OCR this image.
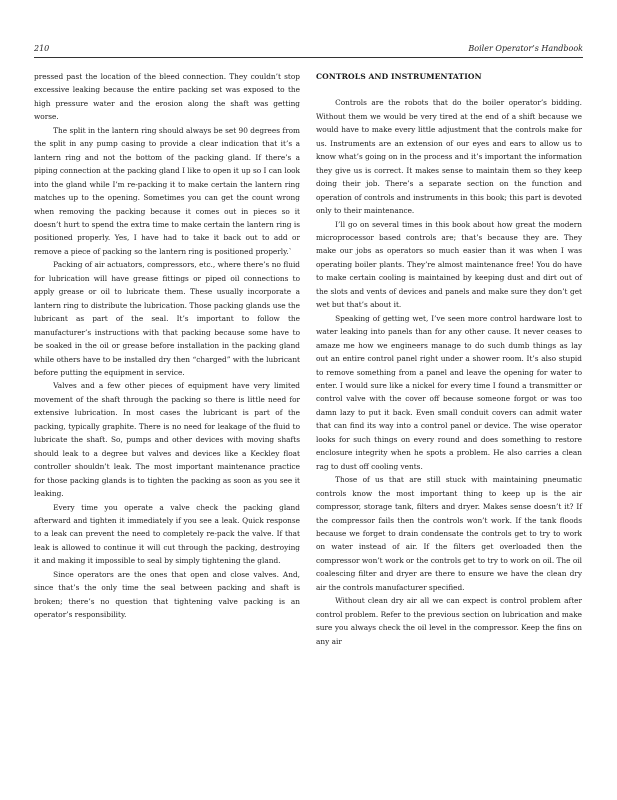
210	Boiler Operator’s Handbook

pressed past the location of the bleed connection. They couldn’t stop excessive leaking because the entire packing set was exposed to the high pressure water and the erosion along the shaft was getting worse.

The split in the lantern ring should always be set 90 degrees from the split in any pump casing to provide a clear indication that it’s a lantern ring and not the bottom of the packing gland. If there’s a piping connection at the packing gland I like to open it up so I can look into the gland while I’m re-packing it to make certain the lantern ring matches up to the opening. Sometimes you can get the count wrong when removing the packing because it comes out in pieces so it doesn’t hurt to spend the extra time to make certain the lantern ring is positioned properly. Yes, I have had to take it back out to add or remove a piece of packing so the lantern ring is positioned properly.`

Packing of air actuators, compressors, etc., where there’s no fluid for lubrication will have grease fittings or piped oil connections to apply grease or oil to lubricate them. These usually incorporate a lantern ring to distribute the lubrication. Those packing glands use the lubricant as part of the seal. It’s important to follow the manufacturer’s instructions with that packing because some have to be soaked in the oil or grease before installation in the packing gland while others have to be installed dry then “charged” with the lubricant before putting the equipment in service.

Valves and a few other pieces of equipment have very limited movement of the shaft through the packing so there is little need for extensive lubrication. In most cases the lubricant is part of the packing, typically graphite. There is no need for leakage of the fluid to lubricate the shaft. So, pumps and other devices with moving shafts should leak to a degree but valves and devices like a Keckley float controller shouldn’t leak. The most important maintenance practice for those packing glands is to tighten the packing as soon as you see it leaking.

Every time you operate a valve check the packing gland afterward and tighten it immediately if you see a leak. Quick response to a leak can prevent the need to completely re-pack the valve. If that leak is allowed to continue it will cut through the packing, destroying it and making it impossible to seal by simply tightening the gland.

Since operators are the ones that open and close valves. And, since that’s the only time the seal between packing and shaft is broken; there’s no question that tightening valve packing is an operator’s responsibility.

CONTROLS AND INSTRUMENTATION

Controls are the robots that do the boiler operator’s bidding. Without them we would be very tired at the end of a shift because we would have to make every little adjustment that the controls make for us. Instruments are an extension of our eyes and ears to allow us to know what’s going on in the process and it’s important the information they give us is correct. It makes sense to maintain them so they keep doing their job. There’s a separate section on the function and operation of controls and instruments in this book; this part is devoted only to their maintenance.

I’ll go on several times in this book about how great the modern microprocessor based controls are; that’s because they are. They make our jobs as operators so much easier than it was when I was operating boiler plants. They’re almost maintenance free! You do have to make certain cooling is maintained by keeping dust and dirt out of the slots and vents of devices and panels and make sure they don’t get wet but that’s about it.

Speaking of getting wet, I’ve seen more control hardware lost to water leaking into panels than for any other cause. It never ceases to amaze me how we engineers manage to do such dumb things as lay out an entire control panel right under a shower room. It’s also stupid to remove something from a panel and leave the opening for water to enter. I would sure like a nickel for every time I found a transmitter or control valve with the cover off because someone forgot or was too damn lazy to put it back. Even small conduit covers can admit water that can find its way into a control panel or device. The wise operator looks for such things on every round and does something to restore enclosure integrity when he spots a problem. He also carries a clean rag to dust off cooling vents.

Those of us that are still stuck with maintaining pneumatic controls know the most important thing to keep up is the air compressor, storage tank, filters and dryer. Makes sense doesn’t it? If the compressor fails then the controls won’t work. If the tank floods because we forget to drain condensate the controls get to try to work on water instead of air. If the filters get overloaded then the compressor won’t work or the controls get to try to work on oil. The oil coalescing filter and dryer are there to ensure we have the clean dry air the controls manufacturer specified.

Without clean dry air all we can expect is control problem after control problem. Refer to the previous section on lubrication and make sure you always check the oil level in the compressor. Keep the fins on any air
